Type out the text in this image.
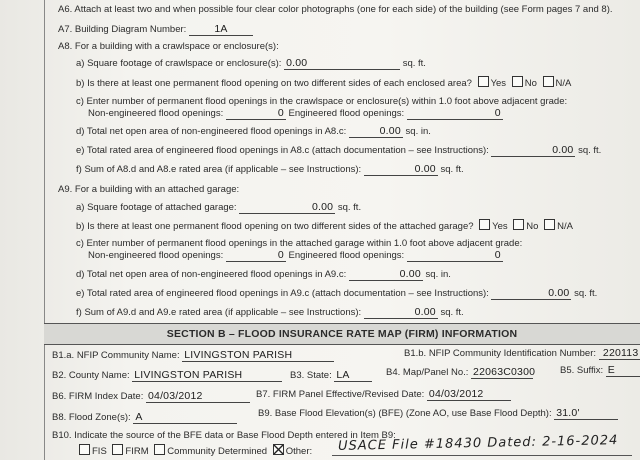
A6. Attach at least two and when possible four clear color photographs (one for each side) of the building (see Form pages 7 and 8).
A7. Building Diagram Number:	1A
A8. For a building with a crawlspace or enclosure(s):
a) Square footage of crawlspace or enclosure(s): 0.00	sq. ft.
b) Is there at least one permanent flood opening on two different sides of each enclosed area? Yes No N/A
c) Enter number of permanent flood openings in the crawlspace or enclosure(s) within 1.0 foot above adjacent grade:
Non-engineered flood openings:	0 Engineered flood openings:	0
d) Total net open area of non-engineered flood openings in A8.c:	0.00 sq. in.
e) Total rated area of engineered flood openings in A8.c (attach documentation – see Instructions):	0.00 sq. ft.
f) Sum of A8.d and A8.e rated area (if applicable – see Instructions):	0.00 sq. ft.
A9. For a building with an attached garage:
a) Square footage of attached garage:	0.00 sq. ft.
b) Is there at least one permanent flood opening on two different sides of the attached garage? Yes No N/A
c) Enter number of permanent flood openings in the attached garage within 1.0 foot above adjacent grade:
Non-engineered flood openings:	0 Engineered flood openings:	0
d) Total net open area of non-engineered flood openings in A9.c:	0.00 sq. in.
e) Total rated area of engineered flood openings in A9.c (attach documentation – see Instructions):	0.00 sq. ft.
f) Sum of A9.d and A9.e rated area (if applicable – see Instructions):	0.00 sq. ft.
SECTION B – FLOOD INSURANCE RATE MAP (FIRM) INFORMATION
B1.a. NFIP Community Name: LIVINGSTON PARISH	B1.b. NFIP Community Identification Number: 220113
B2. County Name: LIVINGSTON PARISH	B3. State: LA	B4. Map/Panel No.: 22063C0300	B5. Suffix: E
B6. FIRM Index Date: 04/03/2012	B7. FIRM Panel Effective/Revised Date: 04/03/2012
B8. Flood Zone(s): A	B9. Base Flood Elevation(s) (BFE) (Zone AO, use Base Flood Depth): 31.0'
B10. Indicate the source of the BFE data or Base Flood Depth entered in Item B9:
FIS FIRM Community Determined Other: USACE File #18430 Dated: 2-16-2024
